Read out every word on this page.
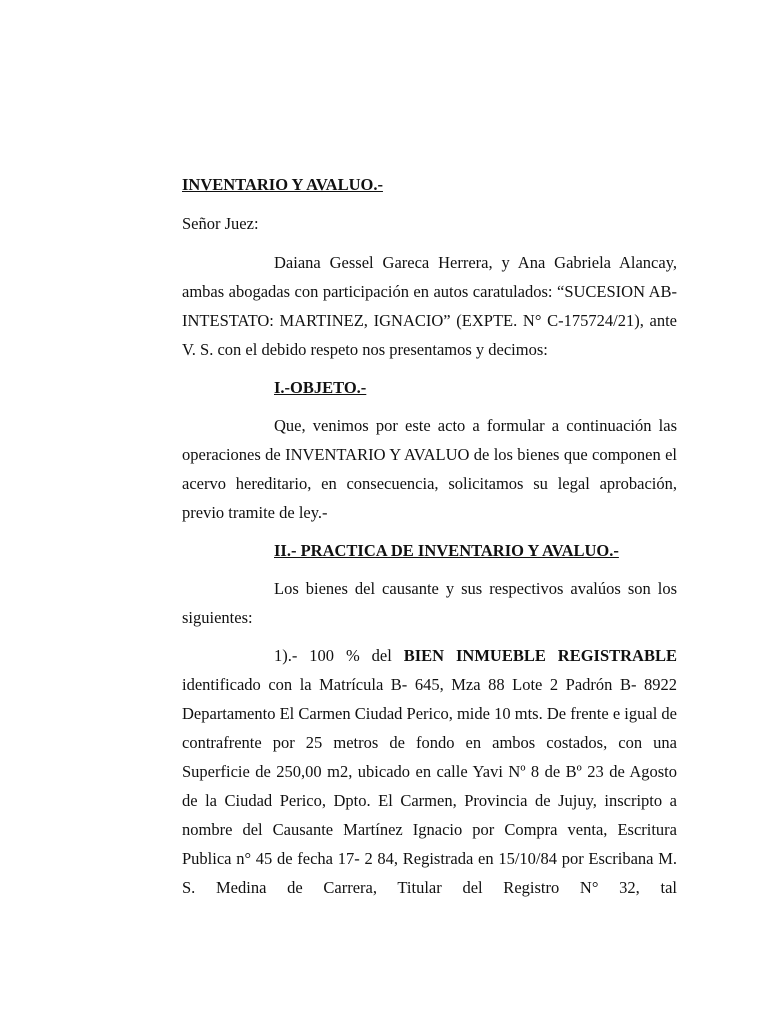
INVENTARIO Y AVALUO.-
Señor Juez:

Daiana Gessel Gareca Herrera, y Ana Gabriela Alancay, ambas abogadas con participación en autos caratulados: “SUCESION AB- INTESTATO: MARTINEZ, IGNACIO” (EXPTE. N° C-175724/21), ante V. S. con el debido respeto nos presentamos y decimos:

I.-OBJETO.-

Que, venimos por este acto a formular a continuación las operaciones de INVENTARIO Y AVALUO de los bienes que componen el acervo hereditario, en consecuencia, solicitamos su legal aprobación, previo tramite de ley.-

II.- PRACTICA DE INVENTARIO Y AVALUO.-

Los bienes del causante y sus respectivos avalúos son los siguientes:

1).- 100 % del BIEN INMUEBLE REGISTRABLE identificado con la Matrícula B- 645, Mza 88 Lote 2 Padrón B- 8922 Departamento El Carmen Ciudad Perico, mide 10 mts. De frente e igual de contrafrente por 25 metros de fondo en ambos costados, con una Superficie de 250,00 m2, ubicado en calle Yavi Nº 8 de Bº 23 de Agosto de la Ciudad Perico, Dpto. El Carmen, Provincia de Jujuy, inscripto a nombre del Causante Martínez Ignacio por Compra venta, Escritura Publica n° 45 de fecha 17- 2 84, Registrada en 15/10/84 por Escribana M. S. Medina de Carrera, Titular del Registro N° 32, tal
